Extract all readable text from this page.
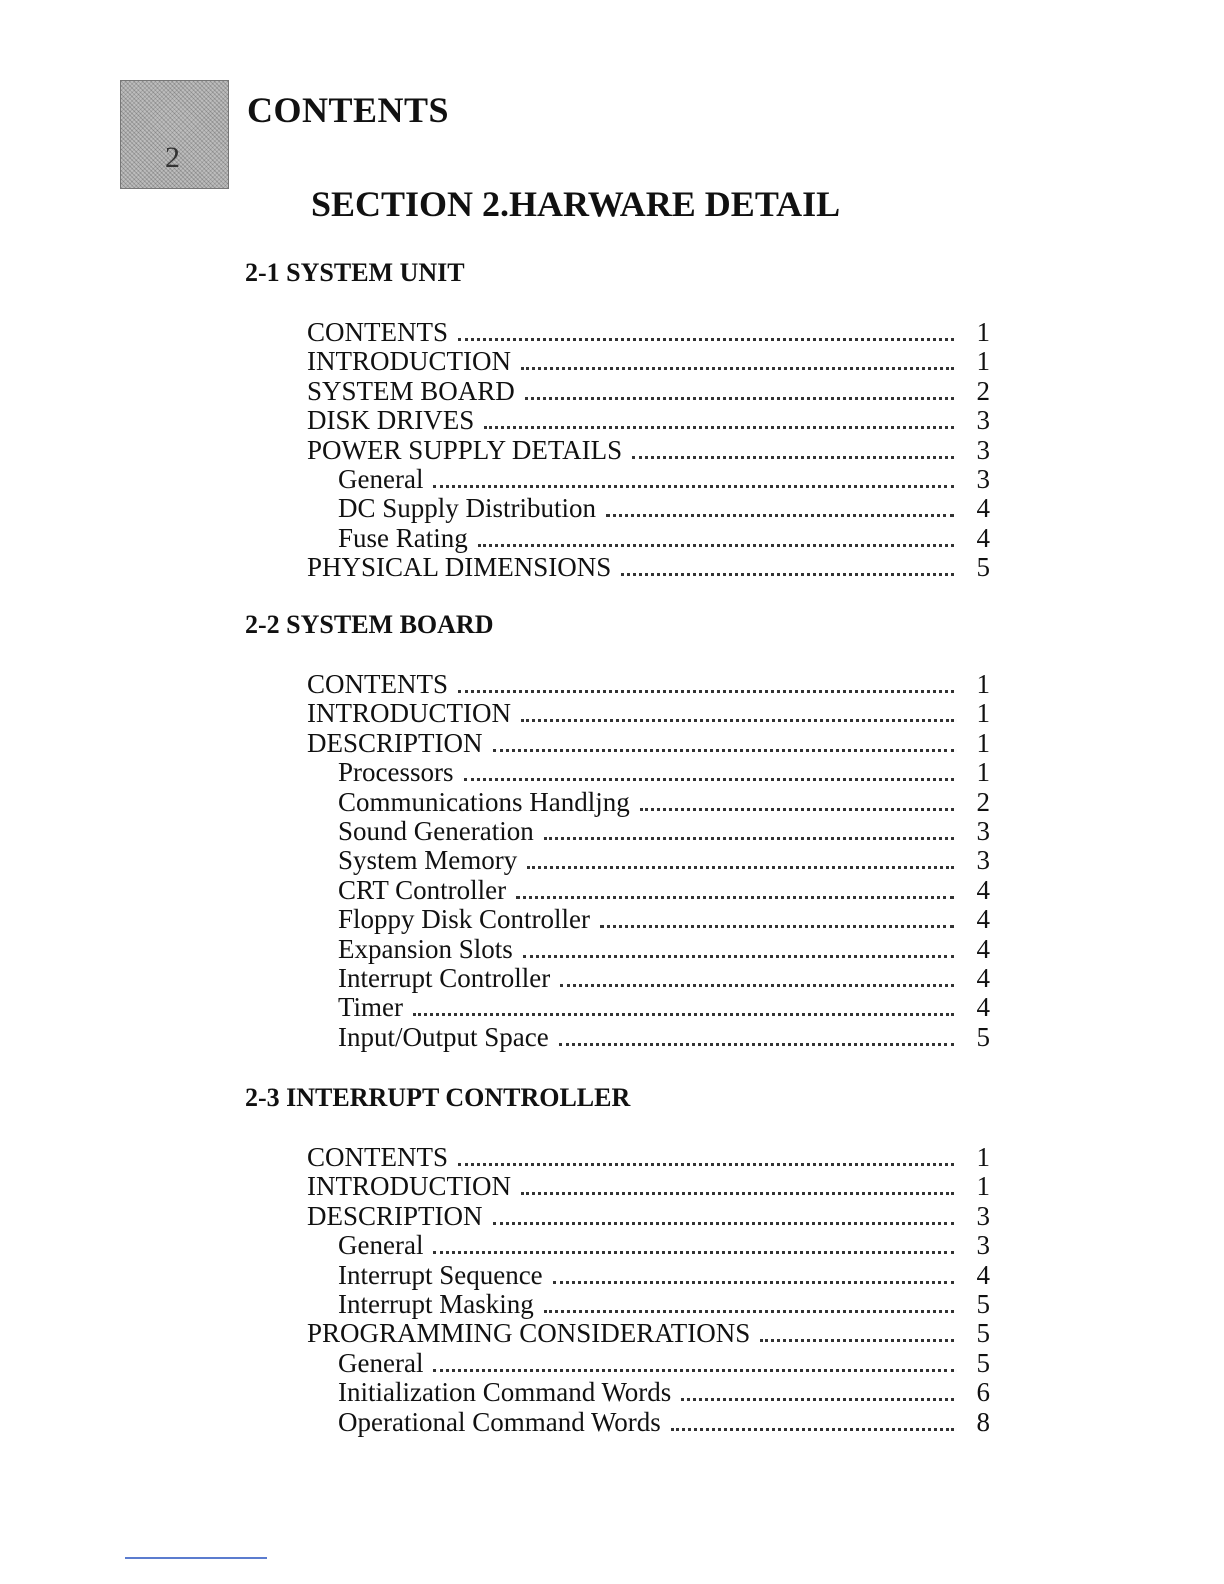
2
CONTENTS
SECTION 2.HARWARE DETAIL
2-1 SYSTEM UNIT
CONTENTS	1
INTRODUCTION	1
SYSTEM BOARD	2
DISK DRIVES	3
POWER SUPPLY DETAILS	3
General	3
DC Supply Distribution	4
Fuse Rating	4
PHYSICAL DIMENSIONS	5
2-2 SYSTEM BOARD
CONTENTS	1
INTRODUCTION	1
DESCRIPTION	1
Processors	1
Communications Handljng	2
Sound Generation	3
System Memory	3
CRT Controller	4
Floppy Disk Controller	4
Expansion Slots	4
Interrupt Controller	4
Timer	4
Input/Output Space	5
2-3 INTERRUPT CONTROLLER
CONTENTS	1
INTRODUCTION	1
DESCRIPTION	3
General	3
Interrupt Sequence	4
Interrupt Masking	5
PROGRAMMING CONSIDERATIONS	5
General	5
Initialization Command Words	6
Operational Command Words	8
